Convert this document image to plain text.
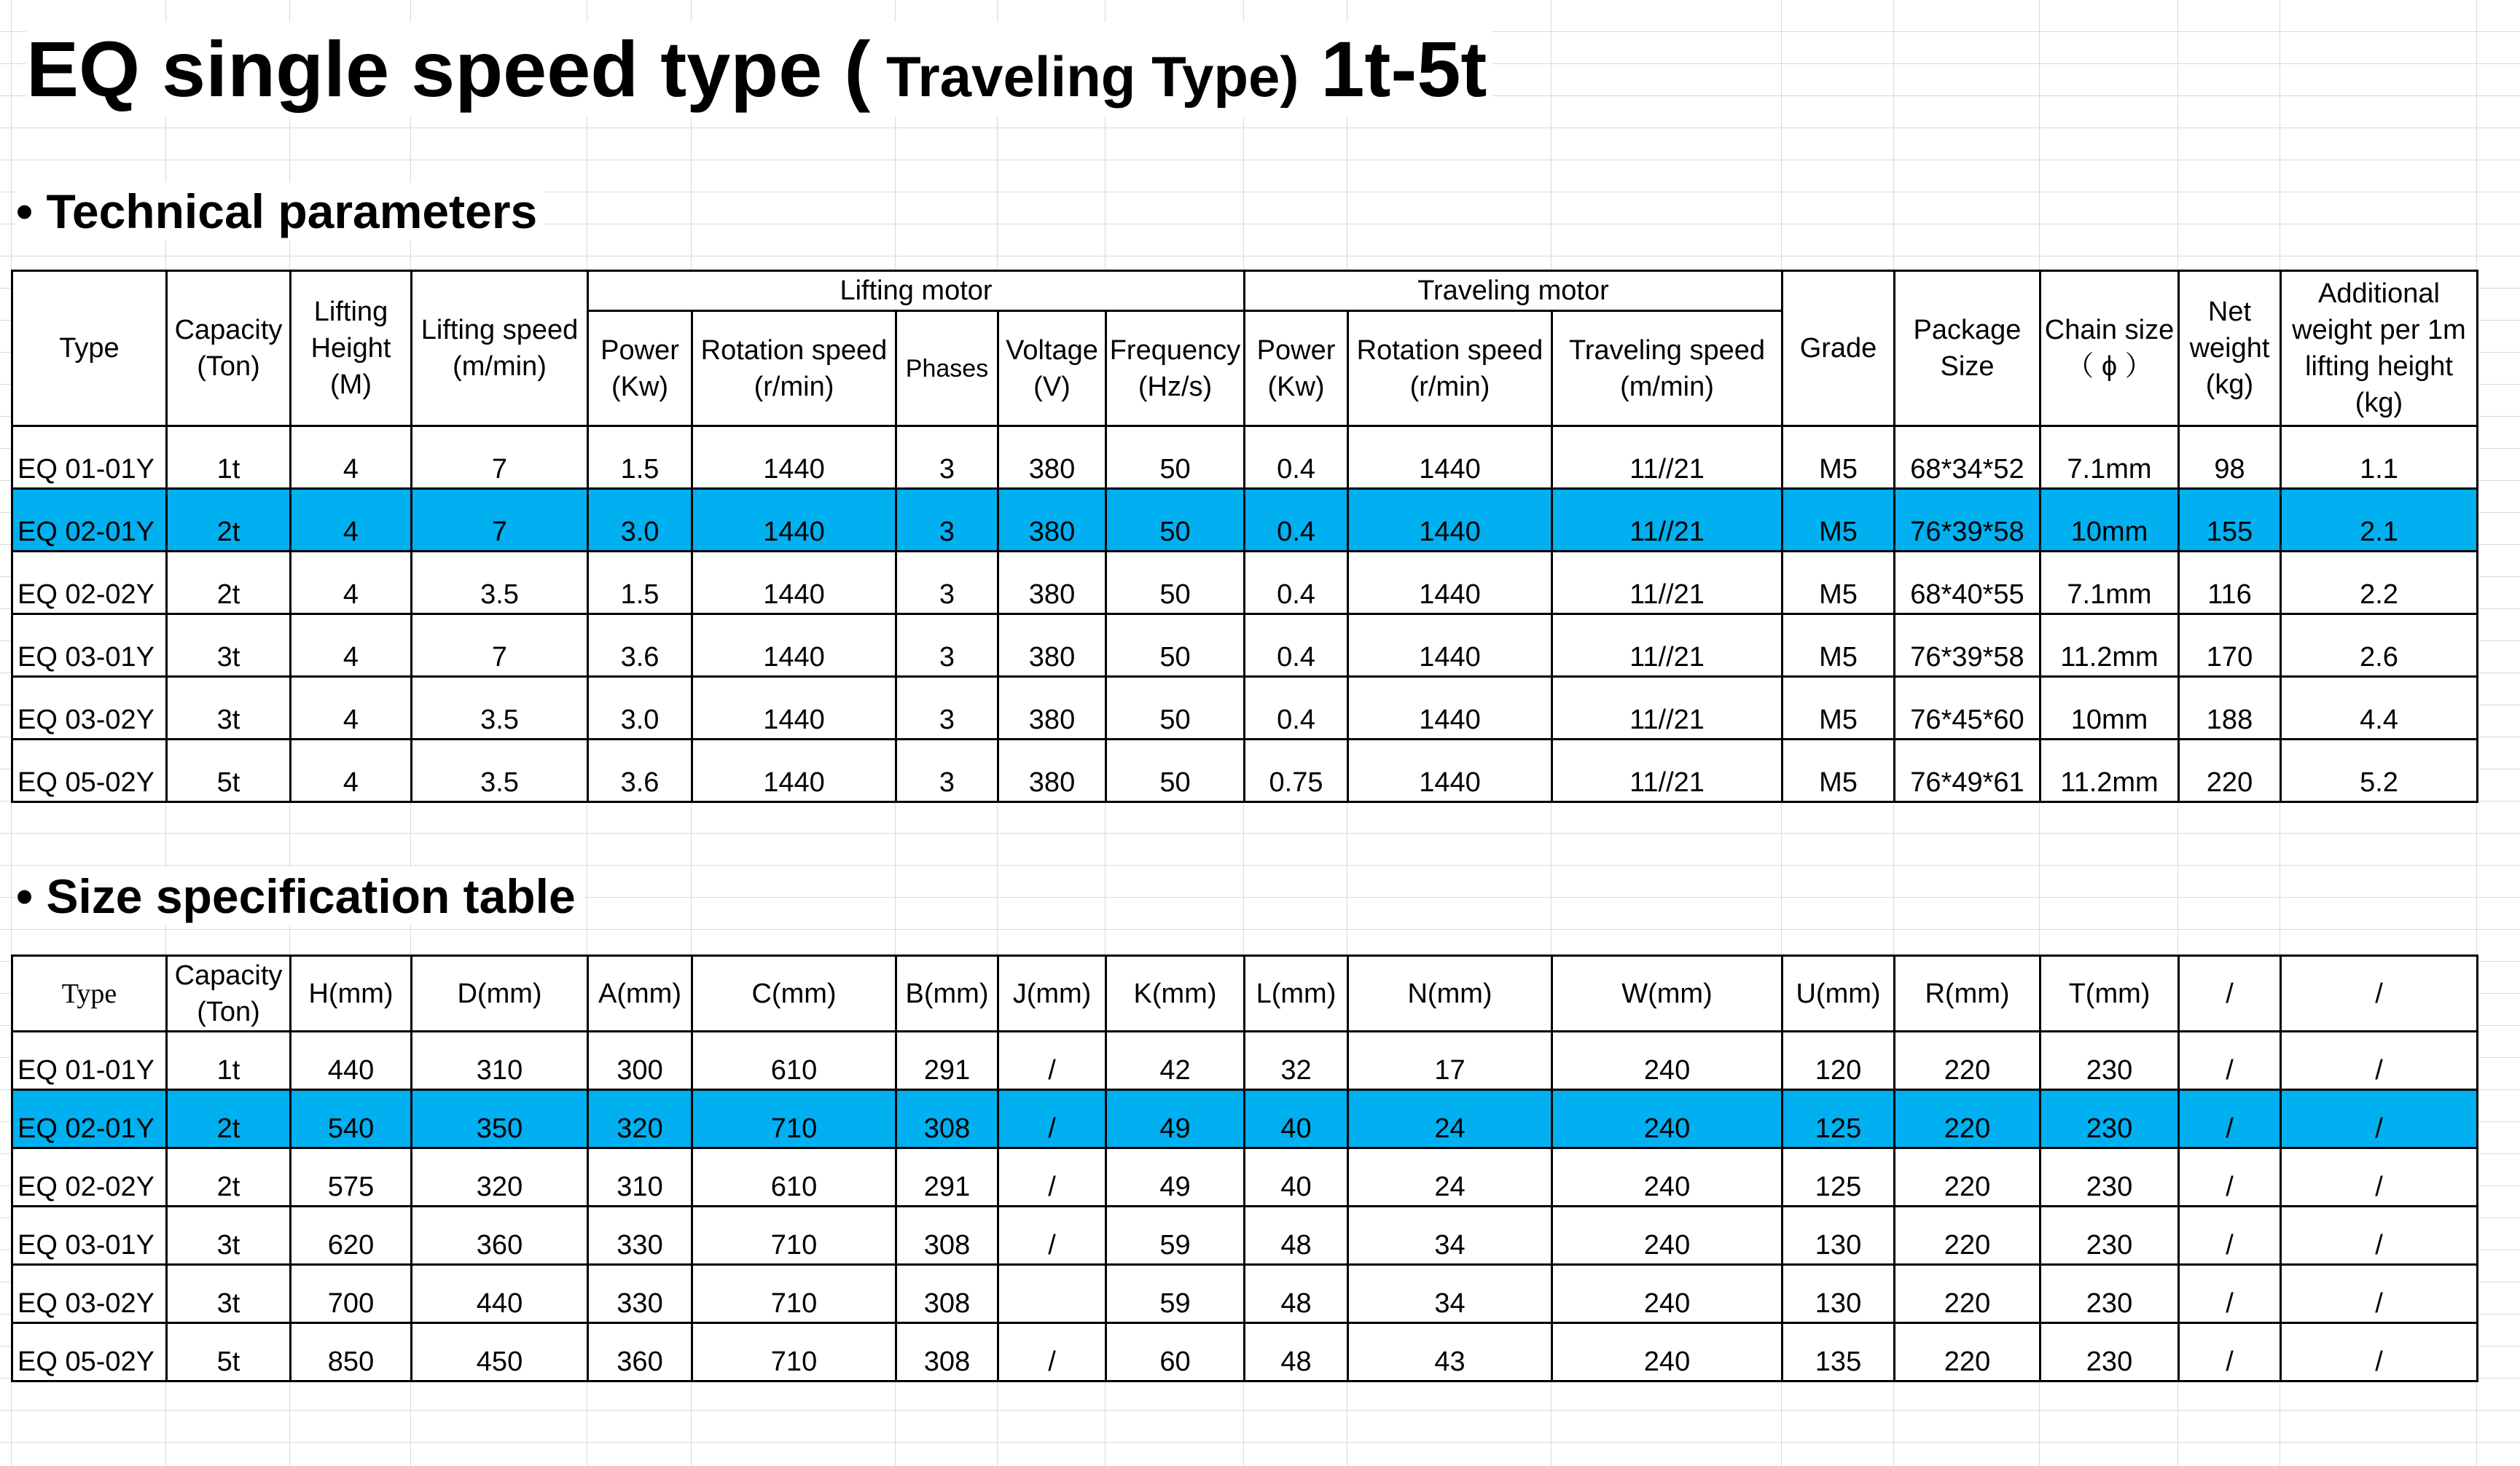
EQ single speed type ( Traveling Type) 1t-5t
• Technical parameters
Type	Capacity (Ton)	Lifting Height (M)	Lifting speed (m/min)	Lifting motor					Traveling motor			Grade	Package Size	Chain size （ ϕ ）	Net weight (kg)	Additional weight per 1m lifting height (kg)
				Power (Kw)	Rotation speed (r/min)	Phases	Voltage (V)	Frequency (Hz/s)	Power (Kw)	Rotation speed (r/min)	Traveling speed (m/min)					
EQ 01-01Y	1t	4	7	1.5	1440	3	380	50	0.4	1440	11//21	M5	68*34*52	7.1mm	98	1.1
EQ 02-01Y	2t	4	7	3.0	1440	3	380	50	0.4	1440	11//21	M5	76*39*58	10mm	155	2.1
EQ 02-02Y	2t	4	3.5	1.5	1440	3	380	50	0.4	1440	11//21	M5	68*40*55	7.1mm	116	2.2
EQ 03-01Y	3t	4	7	3.6	1440	3	380	50	0.4	1440	11//21	M5	76*39*58	11.2mm	170	2.6
EQ 03-02Y	3t	4	3.5	3.0	1440	3	380	50	0.4	1440	11//21	M5	76*45*60	10mm	188	4.4
EQ 05-02Y	5t	4	3.5	3.6	1440	3	380	50	0.75	1440	11//21	M5	76*49*61	11.2mm	220	5.2
• Size specification table
Type	Capacity (Ton)	H(mm)	D(mm)	A(mm)	C(mm)	B(mm)	J(mm)	K(mm)	L(mm)	N(mm)	W(mm)	U(mm)	R(mm)	T(mm)	/	/
EQ 01-01Y	1t	440	310	300	610	291	/	42	32	17	240	120	220	230	/	/
EQ 02-01Y	2t	540	350	320	710	308	/	49	40	24	240	125	220	230	/	/
EQ 02-02Y	2t	575	320	310	610	291	/	49	40	24	240	125	220	230	/	/
EQ 03-01Y	3t	620	360	330	710	308	/	59	48	34	240	130	220	230	/	/
EQ 03-02Y	3t	700	440	330	710	308		59	48	34	240	130	220	230	/	/
EQ 05-02Y	5t	850	450	360	710	308	/	60	48	43	240	135	220	230	/	/
